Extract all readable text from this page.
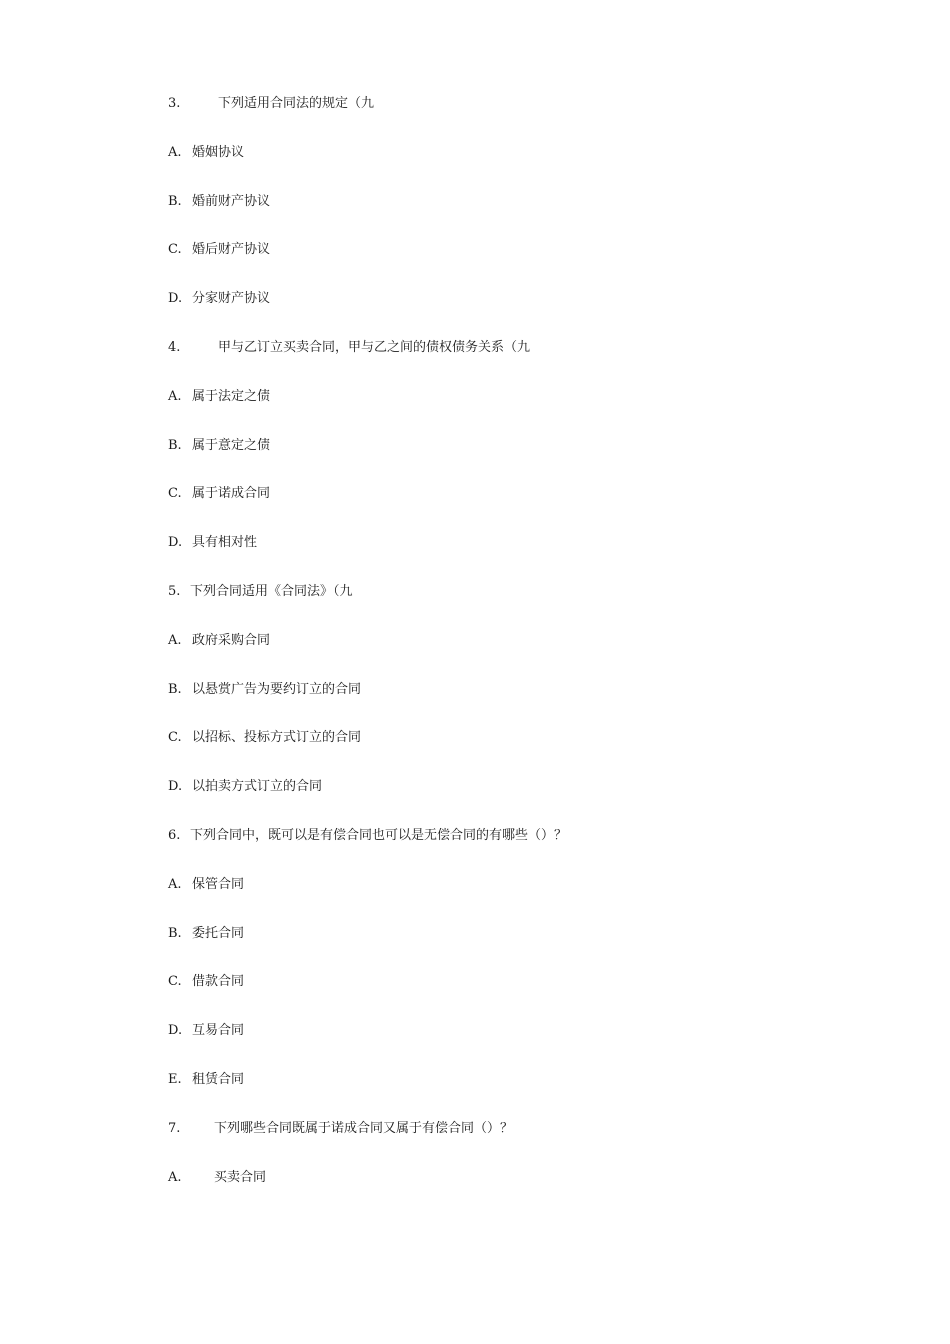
3.	下列适用合同法的规定（九
A. 婚姻协议
B. 婚前财产协议
C. 婚后财产协议
D. 分家财产协议
4.	甲与乙订立买卖合同，甲与乙之间的债权债务关系（九
A. 属于法定之债
B. 属于意定之债
C. 属于诺成合同
D. 具有相对性
5. 下列合同适用《合同法》（九
A. 政府采购合同
B. 以悬赏广告为要约订立的合同
C. 以招标、投标方式订立的合同
D. 以拍卖方式订立的合同
6. 下列合同中，既可以是有偿合同也可以是无偿合同的有哪些（）？
A. 保管合同
B. 委托合同
C. 借款合同
D. 互易合同
E. 租赁合同
7.	下列哪些合同既属于诺成合同又属于有偿合同（）？
A. 买卖合同
